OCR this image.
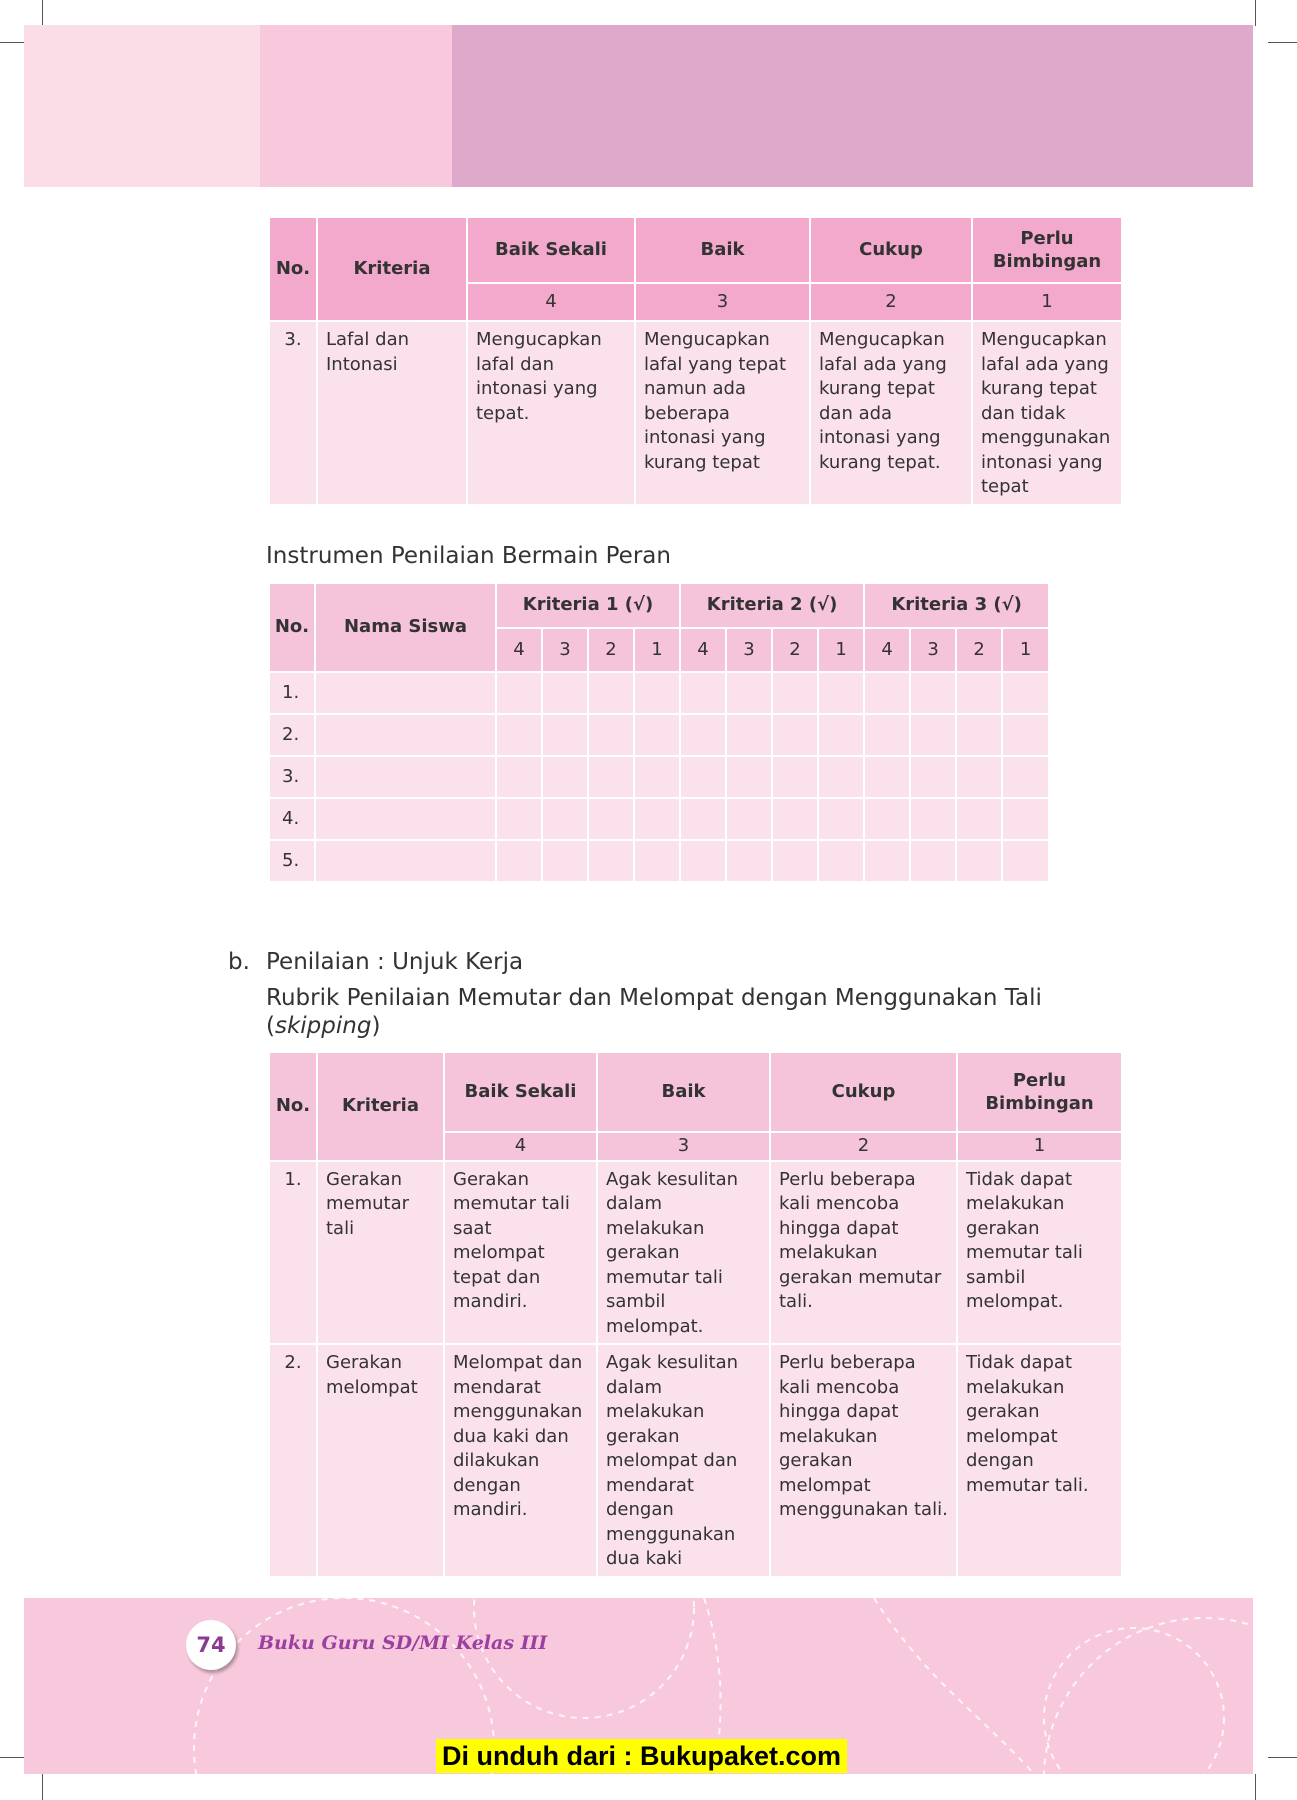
No.	Kriteria	Baik Sekali	Baik	Cukup	Perlu Bimbingan
		4	3	2	1
3.	Lafal dan Intonasi	Mengucapkan lafal dan intonasi yang tepat.	Mengucapkan lafal yang tepat namun ada beberapa intonasi yang kurang tepat	Mengucapkan lafal ada yang kurang tepat dan ada intonasi yang kurang tepat.	Mengucapkan lafal ada yang kurang tepat dan tidak menggunakan intonasi yang tepat
Instrumen Penilaian Bermain Peran
No.	Nama Siswa	Kriteria 1 (√)				Kriteria 2 (√)				Kriteria 3 (√)			
		4	3	2	1	4	3	2	1	4	3	2	1
1.													
2.													
3.													
4.													
5.													
b. Penilaian : Unjuk Kerja
Rubrik Penilaian Memutar dan Melompat dengan Menggunakan Tali
(skipping)
No.	Kriteria	Baik Sekali	Baik	Cukup	Perlu Bimbingan
		4	3	2	1
1.	Gerakan memutar tali	Gerakan memutar tali saat melompat tepat dan mandiri.	Agak kesulitan dalam melakukan gerakan memutar tali sambil melompat.	Perlu beberapa kali mencoba hingga dapat melakukan gerakan memutar tali.	Tidak dapat melakukan gerakan memutar tali sambil melompat.
2.	Gerakan melompat	Melompat dan mendarat menggunakan dua kaki dan dilakukan dengan mandiri.	Agak kesulitan dalam melakukan gerakan melompat dan mendarat dengan menggunakan dua kaki	Perlu beberapa kali mencoba hingga dapat melakukan gerakan melompat menggunakan tali.	Tidak dapat melakukan gerakan melompat dengan memutar tali.
74	Buku Guru SD/MI Kelas III
Di unduh dari : Bukupaket.com
